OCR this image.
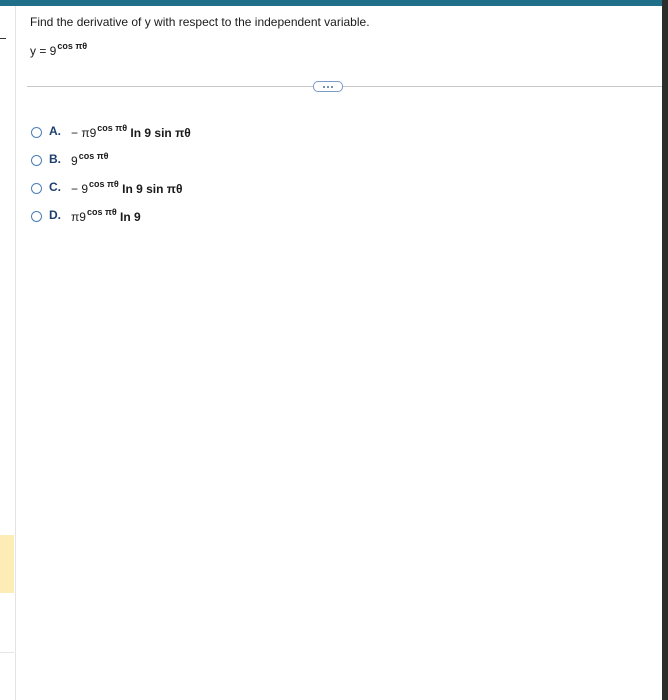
Find the derivative of y with respect to the independent variable.
$y = 9^{cos \pi\theta}$
A. − $\pi 9^{cos \pi\theta}$ In 9 sin πθ
B. $9^{cos \pi\theta}$
C. − $9^{cos \pi\theta}$ In 9 sin πθ
D. $\pi 9^{cos \pi\theta}$ In 9
